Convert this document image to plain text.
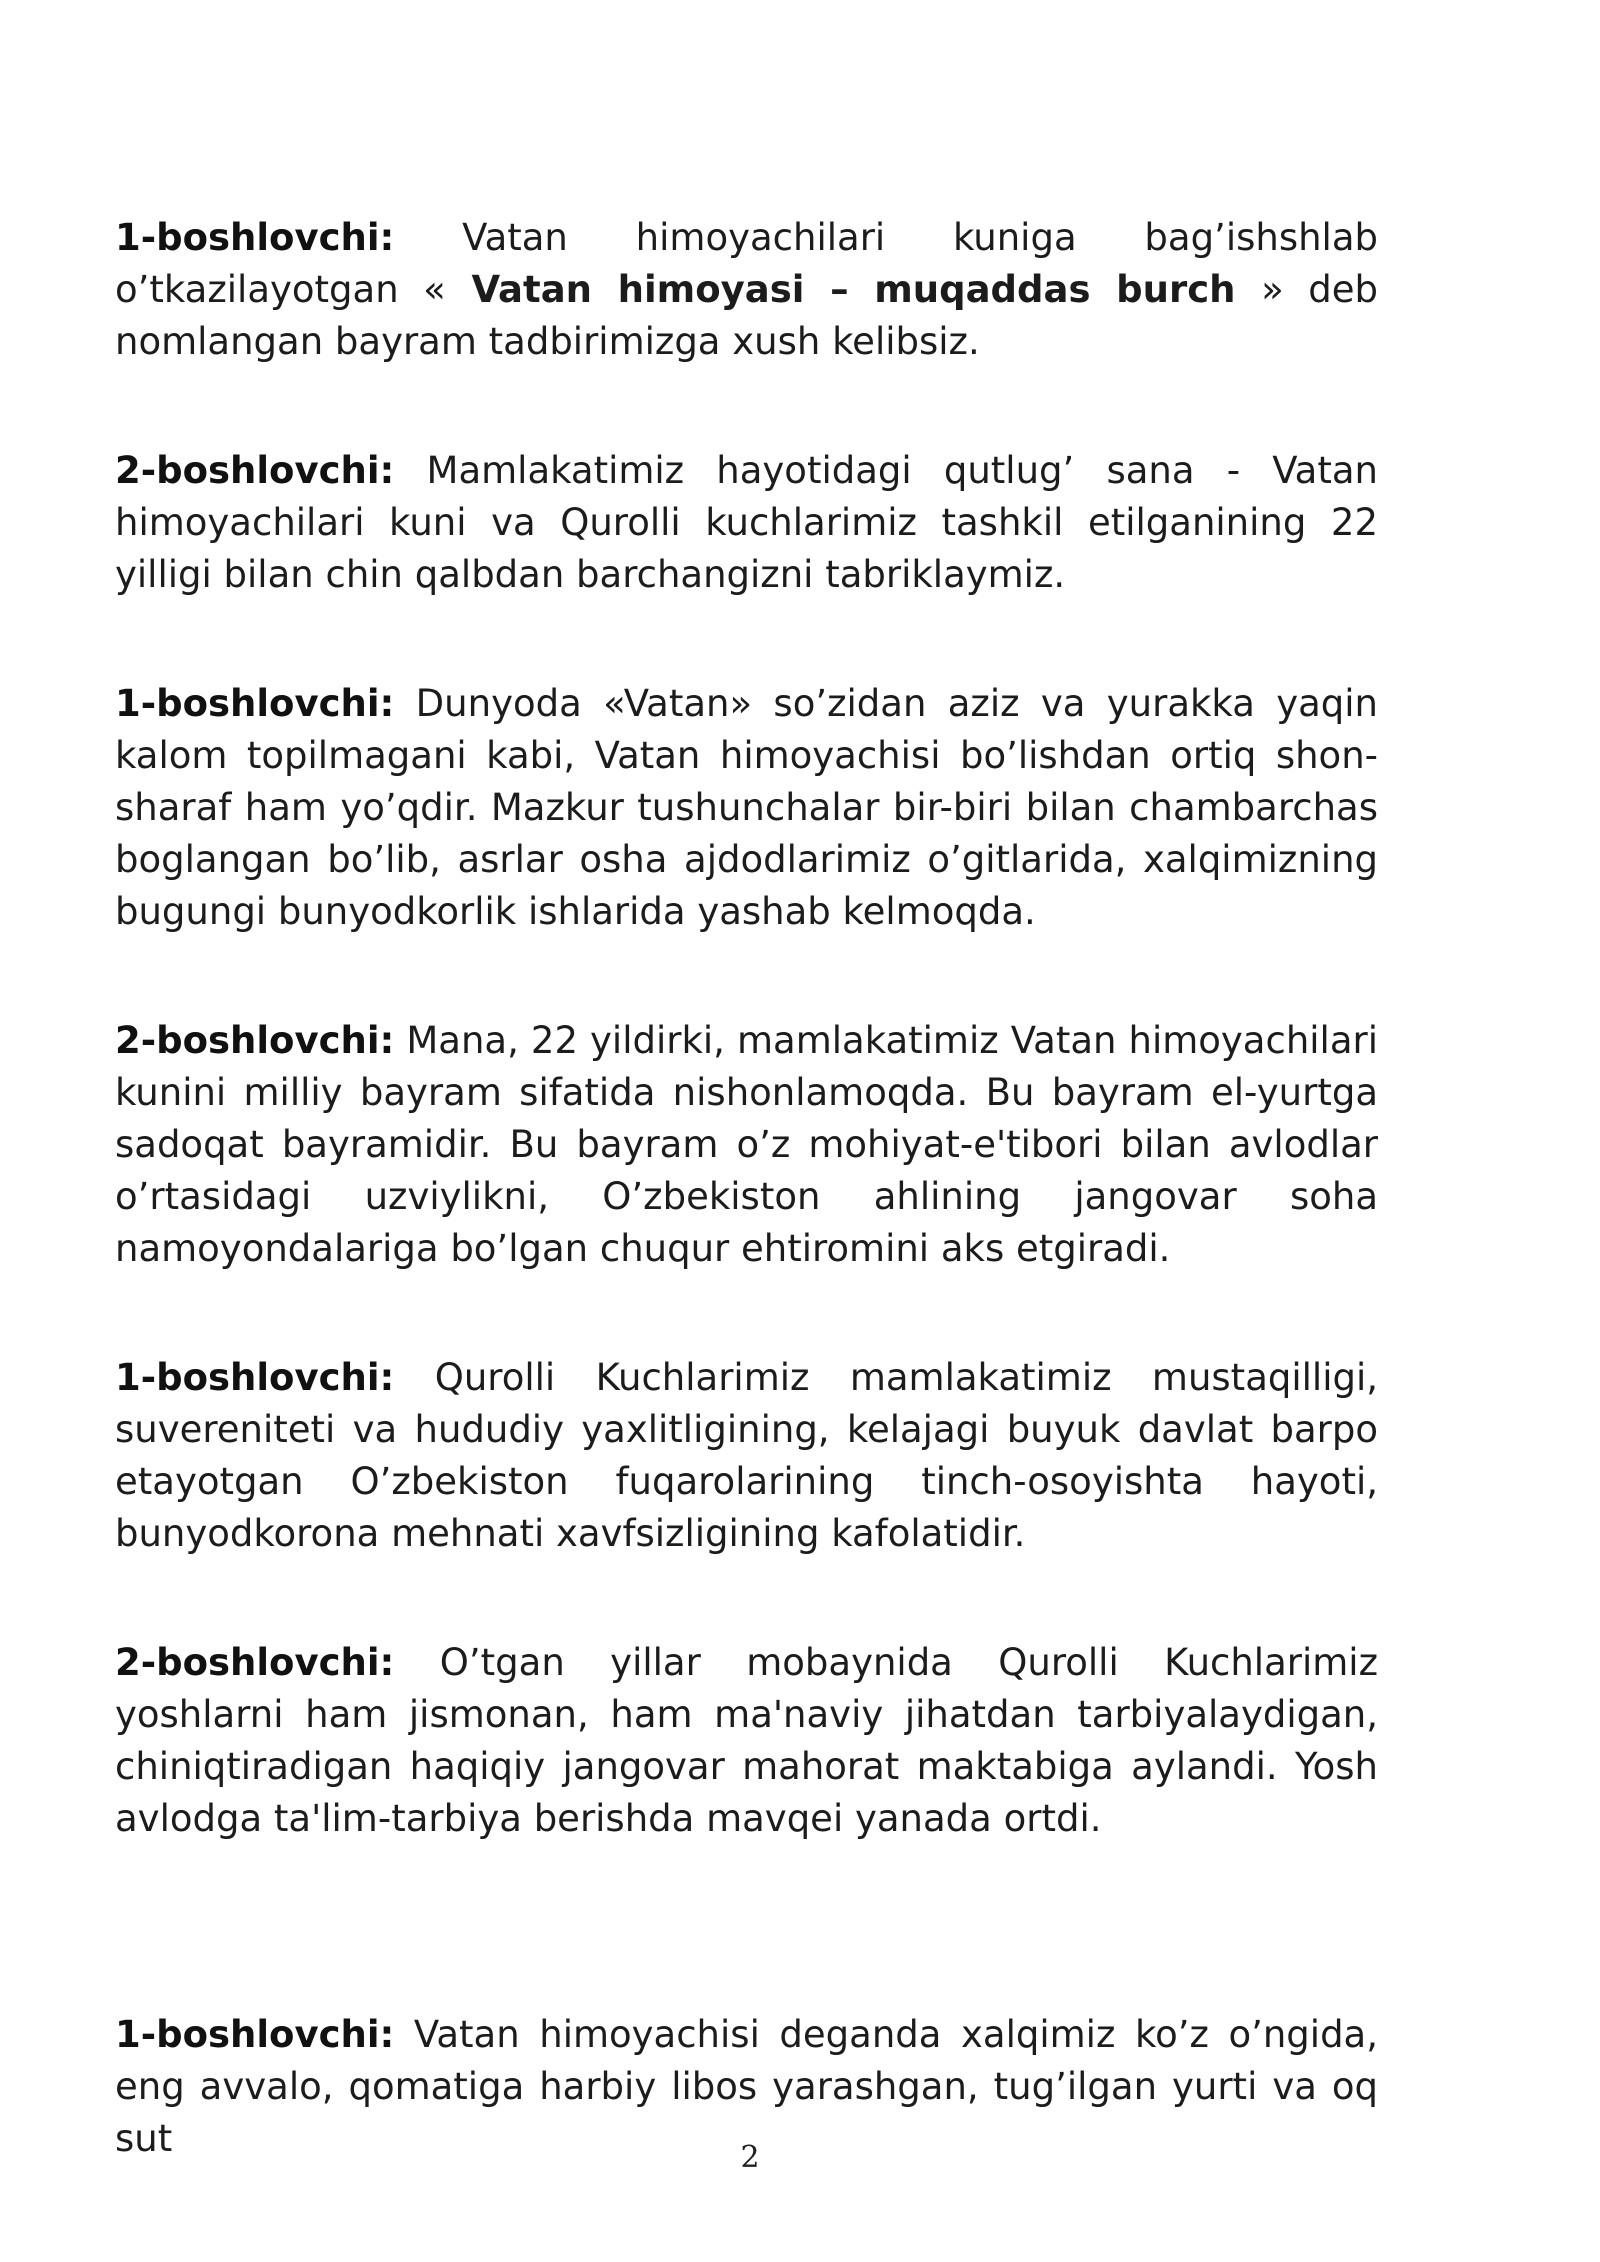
1-boshlovchi: Vatan himoyachilari kuniga bag’ishshlab o’tkazilayotgan « Vatan himoyasi – muqaddas burch » deb nomlangan bayram tadbirimizga xush kelibsiz.

2-boshlovchi: Mamlakatimiz hayotidagi qutlug’ sana - Vatan himoyachilari kuni va Qurolli kuchlarimiz tashkil etilganining 22 yilligi bilan chin qalbdan barchangizni tabriklaymiz.

1-boshlovchi: Dunyoda «Vatan» so’zidan aziz va yurakka yaqin kalom topilmagani kabi, Vatan himoyachisi bo’lishdan ortiq shon-sharaf ham yo’qdir. Mazkur tushunchalar bir-biri bilan chambarchas boglangan bo’lib, asrlar osha ajdodlarimiz o’gitlarida, xalqimizning bugungi bunyodkorlik ishlarida yashab kelmoqda.

2-boshlovchi: Mana, 22 yildirki, mamlakatimiz Vatan himoyachilari kunini milliy bayram sifatida nishonlamoqda. Bu bayram el-yurtga sadoqat bayramidir. Bu bayram o’z mohiyat-e'tibori bilan avlodlar o’rtasidagi uzviylikni, O’zbekiston ahlining jangovar soha namoyondalariga bo’lgan chuqur ehtiromini aks etgiradi.

1-boshlovchi: Qurolli Kuchlarimiz mamlakatimiz mustaqilligi, suvereniteti va hududiy yaxlitligining, kelajagi buyuk davlat barpo etayotgan O’zbekiston fuqarolarining tinch-osoyishta hayoti, bunyodkorona mehnati xavfsizligining kafolatidir.

2-boshlovchi: O’tgan yillar mobaynida Qurolli Kuchlarimiz yoshlarni ham jismonan, ham ma'naviy jihatdan tarbiyalaydigan, chiniqtiradigan haqiqiy jangovar mahorat maktabiga aylandi. Yosh avlodga ta'lim-tarbiya berishda mavqei yanada ortdi.

1-boshlovchi: Vatan himoyachisi deganda xalqimiz ko’z o’ngida, eng avvalo, qomatiga harbiy libos yarashgan, tug’ilgan yurti va oq sut	2
